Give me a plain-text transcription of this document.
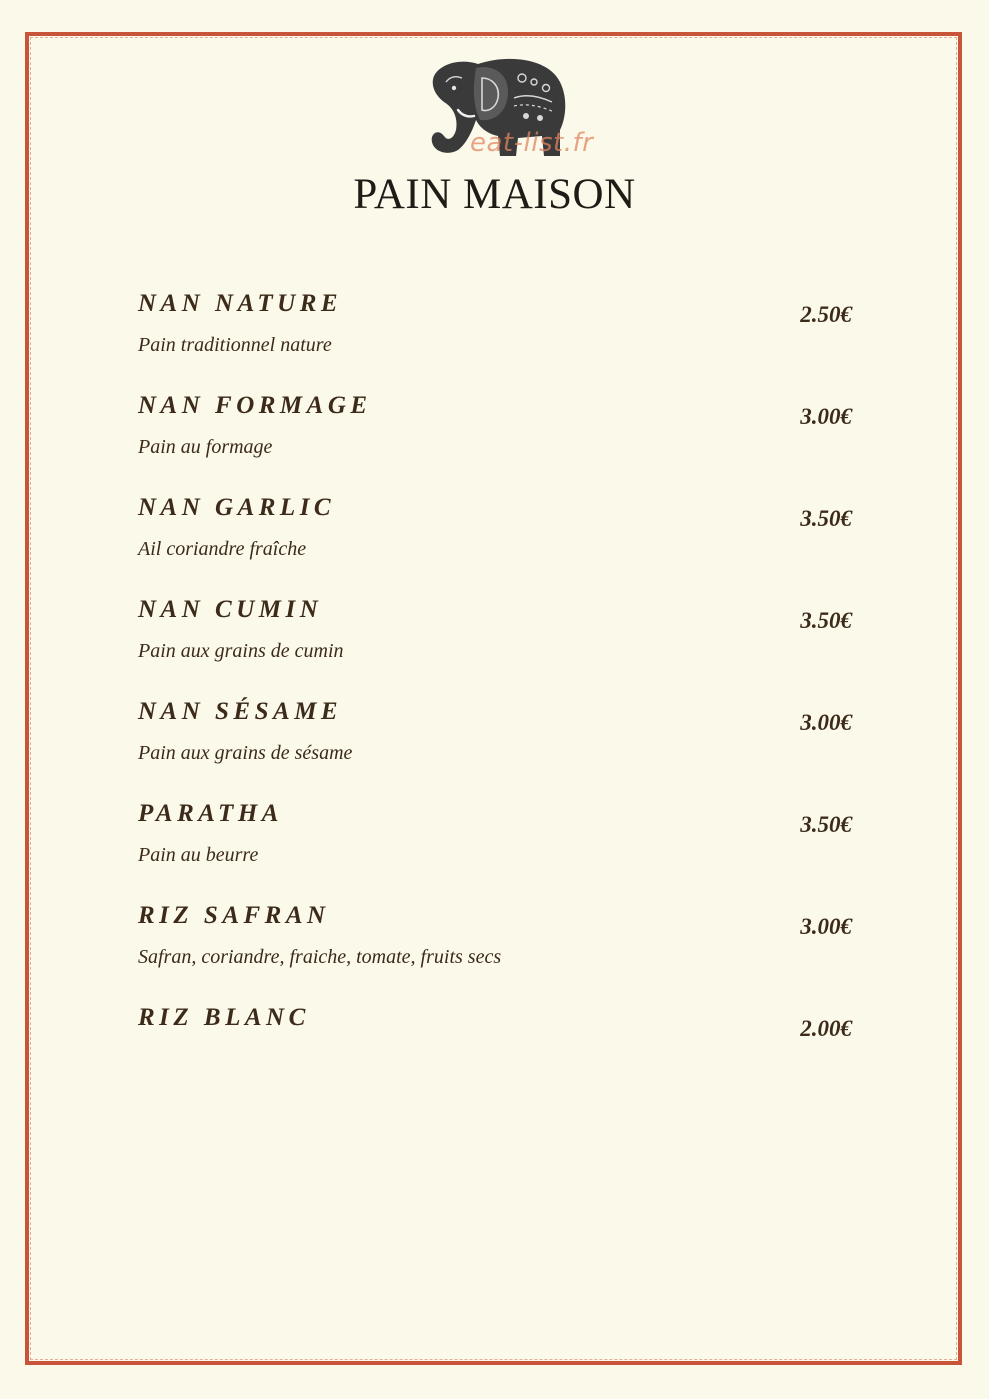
eat-list.fr
PAIN MAISON
NAN NATURE
Pain traditionnel nature
2.50€
NAN FORMAGE
Pain au formage
3.00€
NAN GARLIC
Ail coriandre fraîche
3.50€
NAN CUMIN
Pain aux grains de cumin
3.50€
NAN SÉSAME
Pain aux grains de sésame
3.00€
PARATHA
Pain au beurre
3.50€
RIZ SAFRAN
Safran, coriandre, fraiche, tomate, fruits secs
3.00€
RIZ BLANC	2.00€
